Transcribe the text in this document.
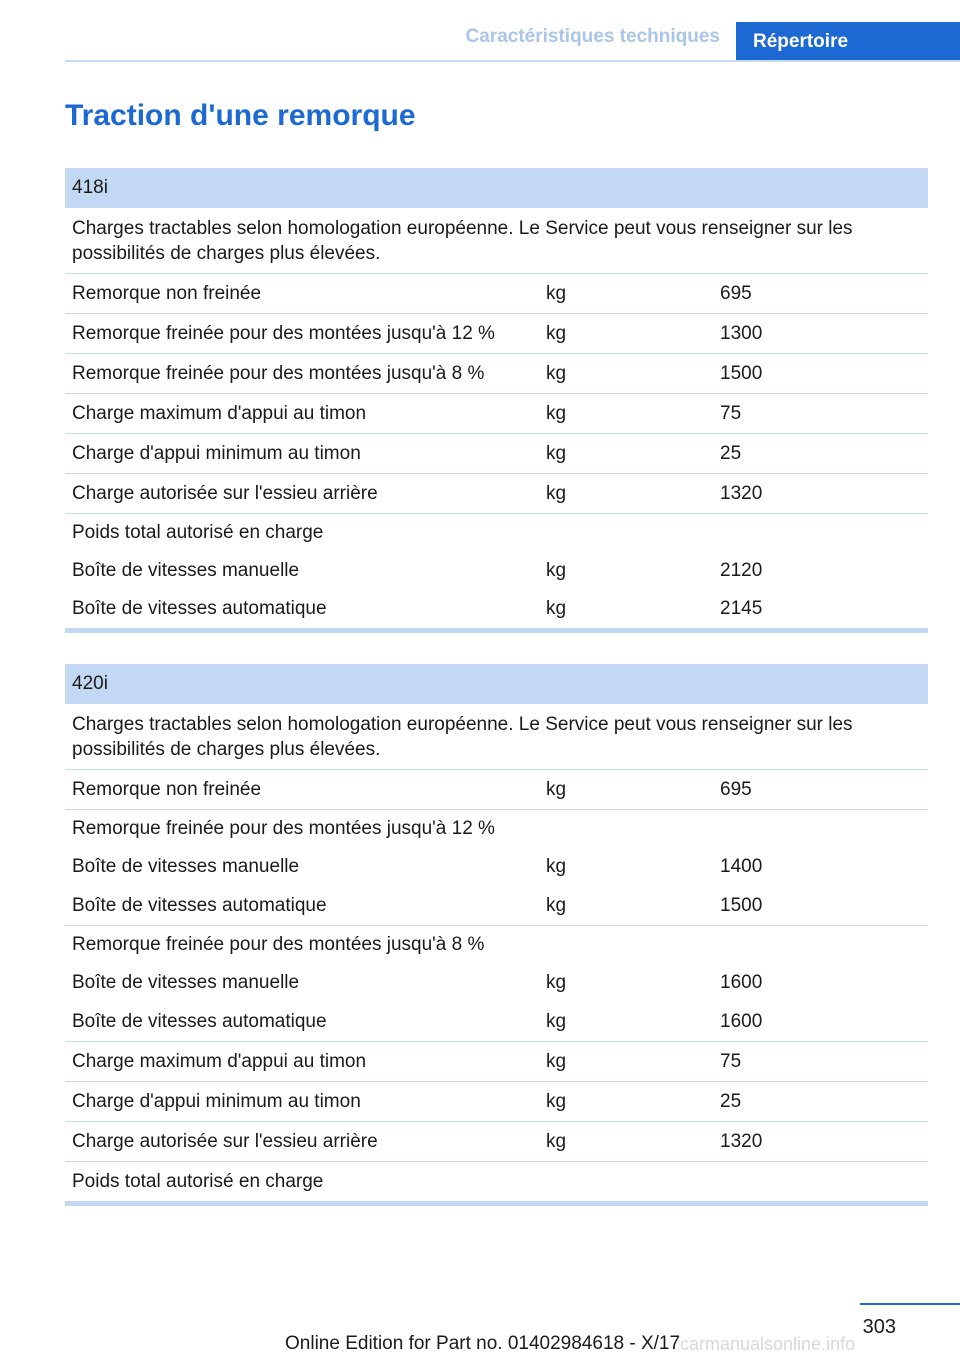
Caractéristiques techniques	Répertoire
Traction d'une remorque
418i
Charges tractables selon homologation européenne. Le Service peut vous renseigner sur les possibilités de charges plus élevées.
Remorque non freinée	kg	695
Remorque freinée pour des montées jusqu'à 12 %	kg	1300
Remorque freinée pour des montées jusqu'à 8 %	kg	1500
Charge maximum d'appui au timon	kg	75
Charge d'appui minimum au timon	kg	25
Charge autorisée sur l'essieu arrière	kg	1320
Poids total autorisé en charge
Boîte de vitesses manuelle	kg	2120
Boîte de vitesses automatique	kg	2145
420i
Charges tractables selon homologation européenne. Le Service peut vous renseigner sur les possibilités de charges plus élevées.
Remorque non freinée	kg	695
Remorque freinée pour des montées jusqu'à 12 %
Boîte de vitesses manuelle	kg	1400
Boîte de vitesses automatique	kg	1500
Remorque freinée pour des montées jusqu'à 8 %
Boîte de vitesses manuelle	kg	1600
Boîte de vitesses automatique	kg	1600
Charge maximum d'appui au timon	kg	75
Charge d'appui minimum au timon	kg	25
Charge autorisée sur l'essieu arrière	kg	1320
Poids total autorisé en charge
303
Online Edition for Part no. 01402984618 - X/17 carmanualsonline.info
